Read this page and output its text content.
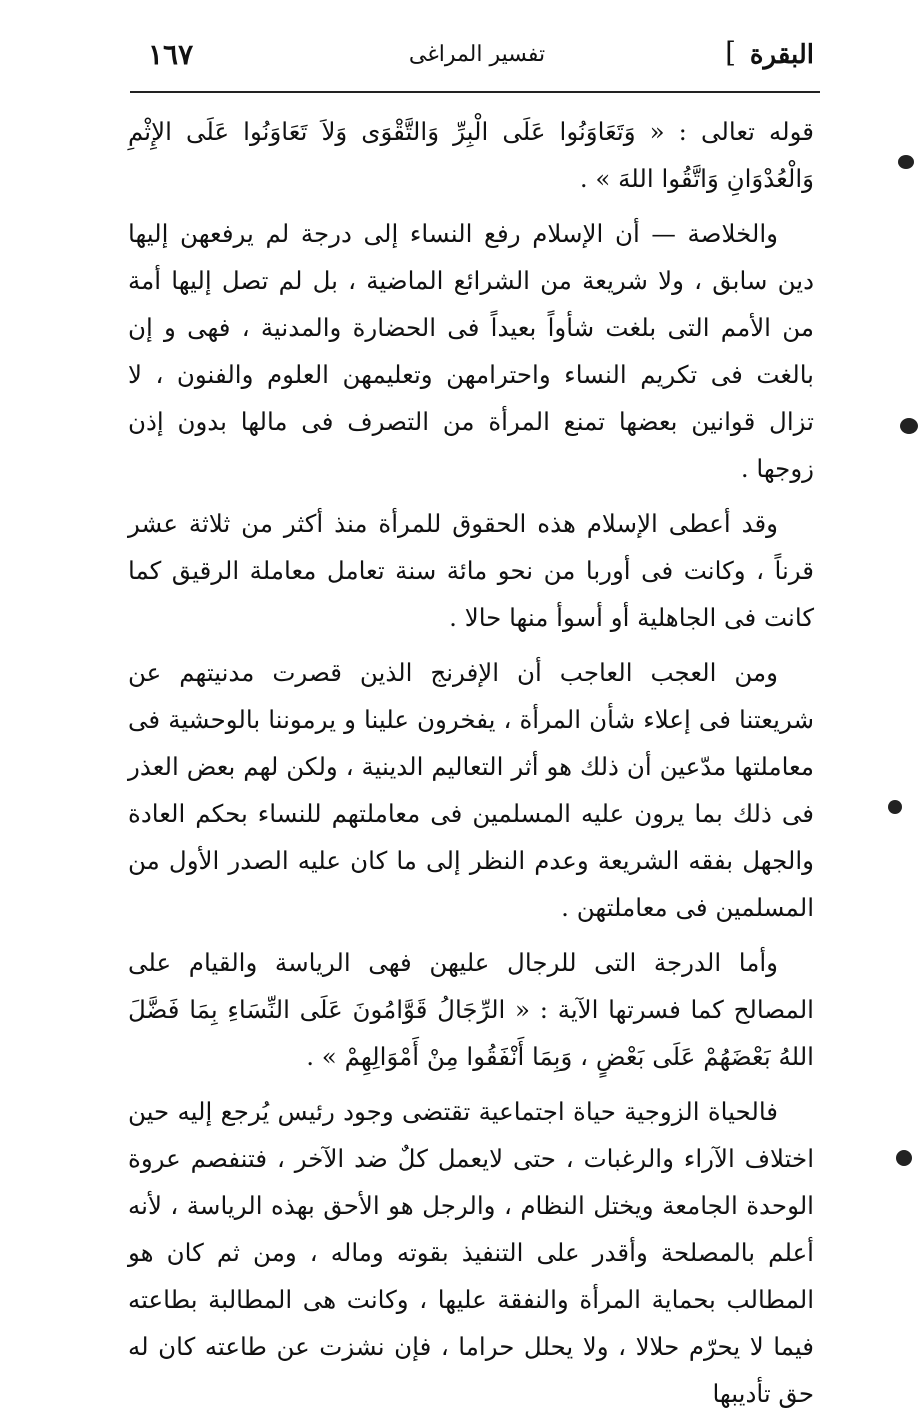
البقرة
]
تفسير المراغى
١٦٧

قوله تعالى : « وَتَعَاوَنُوا عَلَى الْبِرِّ وَالتَّقْوَى وَلاَ تَعَاوَنُوا عَلَى الإِثْمِ وَالْعُدْوَانِ وَاتَّقُوا اللهَ » .

والخلاصة — أن الإسلام رفع النساء إلى درجة لم يرفعهن إليها دين سابق ، ولا شريعة من الشرائع الماضية ، بل لم تصل إليها أمة من الأمم التى بلغت شأواً بعيداً فى الحضارة والمدنية ، فهى و إن بالغت فى تكريم النساء واحترامهن وتعليمهن العلوم والفنون ، لا تزال قوانين بعضها تمنع المرأة من التصرف فى مالها بدون إذن زوجها .

وقد أعطى الإسلام هذه الحقوق للمرأة منذ أكثر من ثلاثة عشر قرناً ، وكانت فى أوربا من نحو مائة سنة تعامل معاملة الرقيق كما كانت فى الجاهلية أو أسوأ منها حالا .

ومن العجب العاجب أن الإفرنج الذين قصرت مدنيتهم عن شريعتنا فى إعلاء شأن المرأة ، يفخرون علينا و يرموننا بالوحشية فى معاملتها مدّعين أن ذلك هو أثر التعاليم الدينية ، ولكن لهم بعض العذر فى ذلك بما يرون عليه المسلمين فى معاملتهم للنساء بحكم العادة والجهل بفقه الشريعة وعدم النظر إلى ما كان عليه الصدر الأول من المسلمين فى معاملتهن .

وأما الدرجة التى للرجال عليهن فهى الرياسة والقيام على المصالح كما فسرتها الآية : « الرِّجَالُ قَوَّامُونَ عَلَى النِّسَاءِ بِمَا فَضَّلَ اللهُ بَعْضَهُمْ عَلَى بَعْضٍ ، وَبِمَا أَنْفَقُوا مِنْ أَمْوَالِهِمْ » .

فالحياة الزوجية حياة اجتماعية تقتضى وجود رئيس يُرجع إليه حين اختلاف الآراء والرغبات ، حتى لايعمل كلٌ ضد الآخر ، فتنفصم عروة الوحدة الجامعة ويختل النظام ، والرجل هو الأحق بهذه الرياسة ، لأنه أعلم بالمصلحة وأقدر على التنفيذ بقوته وماله ، ومن ثم كان هو المطالب بحماية المرأة والنفقة عليها ، وكانت هى المطالبة بطاعته فيما لا يحرّم حلالا ، ولا يحلل حراما ، فإن نشزت عن طاعته كان له حق تأديبها
